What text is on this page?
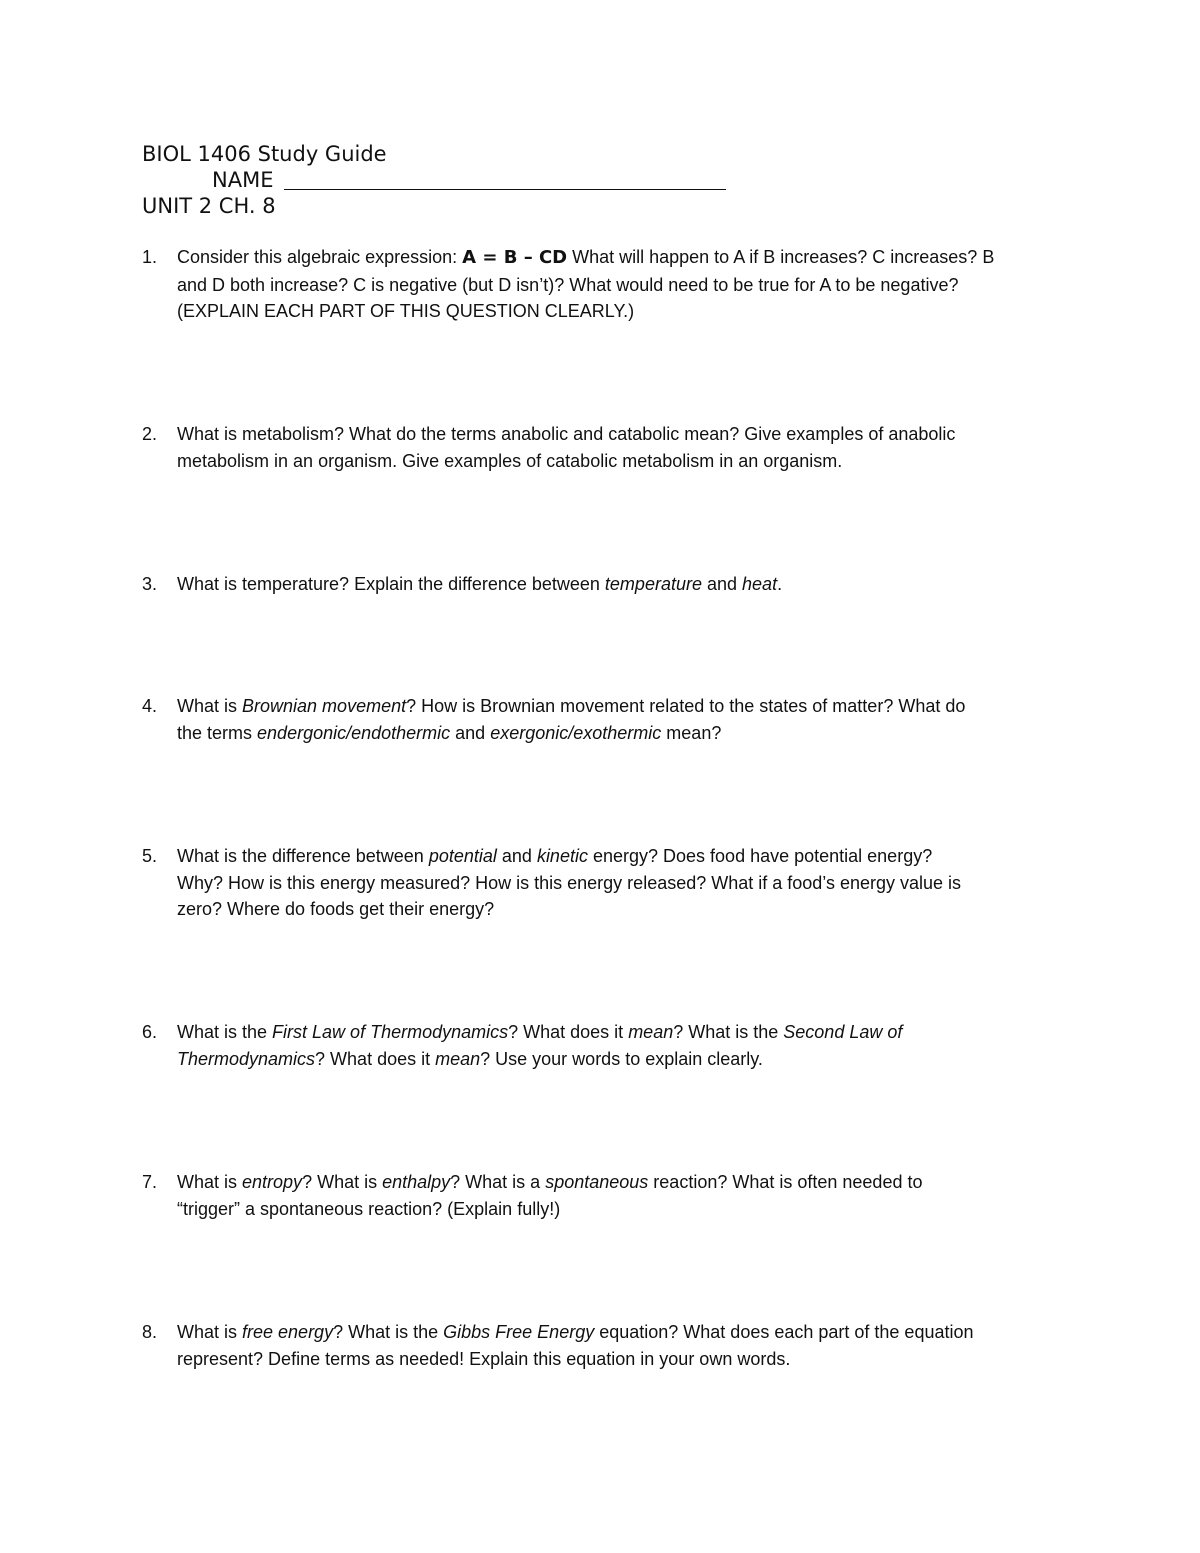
BIOL 1406 Study Guide
NAME
UNIT 2 CH. 8
1. Consider this algebraic expression: A = B – CD What will happen to A if B increases? C increases? B
and D both increase? C is negative (but D isn’t)? What would need to be true for A to be negative?
(EXPLAIN EACH PART OF THIS QUESTION CLEARLY.)
2. What is metabolism? What do the terms anabolic and catabolic mean? Give examples of anabolic
metabolism in an organism. Give examples of catabolic metabolism in an organism.
3. What is temperature? Explain the difference between temperature and heat.
4. What is Brownian movement? How is Brownian movement related to the states of matter? What do
the terms endergonic/endothermic and exergonic/exothermic mean?
5. What is the difference between potential and kinetic energy? Does food have potential energy?
Why? How is this energy measured? How is this energy released? What if a food’s energy value is
zero? Where do foods get their energy?
6. What is the First Law of Thermodynamics? What does it mean? What is the Second Law of
Thermodynamics? What does it mean? Use your words to explain clearly.
7. What is entropy? What is enthalpy? What is a spontaneous reaction? What is often needed to
“trigger” a spontaneous reaction? (Explain fully!)
8. What is free energy? What is the Gibbs Free Energy equation? What does each part of the equation
represent? Define terms as needed! Explain this equation in your own words.
